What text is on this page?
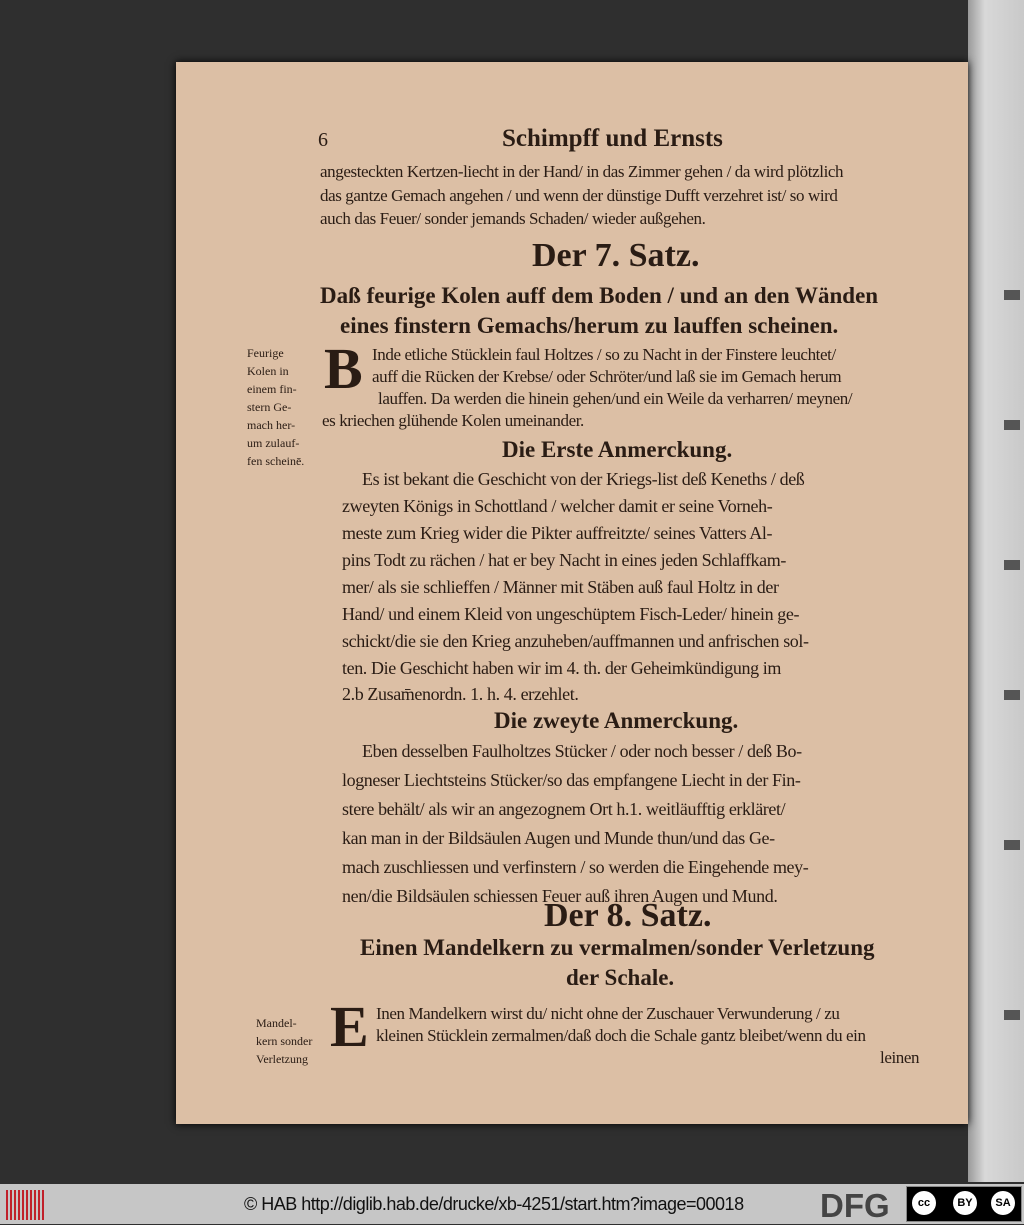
6	Schimpff und Ernsts
angesteckten Kertzen-liecht in der Hand/ in das Zimmer gehen / da wird plötzlich
das gantze Gemach angehen / und wenn der dünstige Dufft verzehret ist/ so wird
auch das Feuer/ sonder jemands Schaden/ wieder außgehen.
Der 7. Satz.
Daß feurige Kolen auff dem Boden / und an den Wänden
eines finstern Gemachs/herum zu lauffen scheinen.
Feurige
Kolen in
einem fin-
stern Ge-
mach her-
um zulauf-
fen scheinē.
B Inde etliche Stücklein faul Holtzes / so zu Nacht in der Finstere leuchtet/
auff die Rücken der Krebse/ oder Schröter/und laß sie im Gemach herum
lauffen. Da werden die hinein gehen/und ein Weile da verharren/ meynen/
es kriechen glühende Kolen umeinander.
Die Erste Anmerckung.
Es ist bekant die Geschicht von der Kriegs-list deß Keneths / deß
zweyten Königs in Schottland / welcher damit er seine Vorneh-
meste zum Krieg wider die Pikter auffreitzte/ seines Vatters Al-
pins Todt zu rächen / hat er bey Nacht in eines jeden Schlaffkam-
mer/ als sie schlieffen / Männer mit Stäben auß faul Holtz in der
Hand/ und einem Kleid von ungeschüptem Fisch-Leder/ hinein ge-
schickt/die sie den Krieg anzuheben/auffmannen und anfrischen sol-
ten. Die Geschicht haben wir im 4. th. der Geheimkündigung im
2.b Zusam̄enordn. 1. h. 4. erzehlet.
Die zweyte Anmerckung.
Eben desselben Faulholtzes Stücker / oder noch besser / deß Bo-
logneser Liechtsteins Stücker/so das empfangene Liecht in der Fin-
stere behält/ als wir an angezognem Ort h.1. weitläufftig erkläret/
kan man in der Bildsäulen Augen und Munde thun/und das Ge-
mach zuschliessen und verfinstern / so werden die Eingehende mey-
nen/die Bildsäulen schiessen Feuer auß ihren Augen und Mund.
Der 8. Satz.
Einen Mandelkern zu vermalmen/sonder Verletzung
der Schale.
Mandel-
kern sonder
Verletzung E Inen Mandelkern wirst du/ nicht ohne der Zuschauer Verwunderung / zu
kleinen Stücklein zermalmen/daß doch die Schale gantz bleibet/wenn du ein
leinen
© HAB http://diglib.hab.de/drucke/xb-4251/start.htm?image=00018 DFG	cc	BY	SA
